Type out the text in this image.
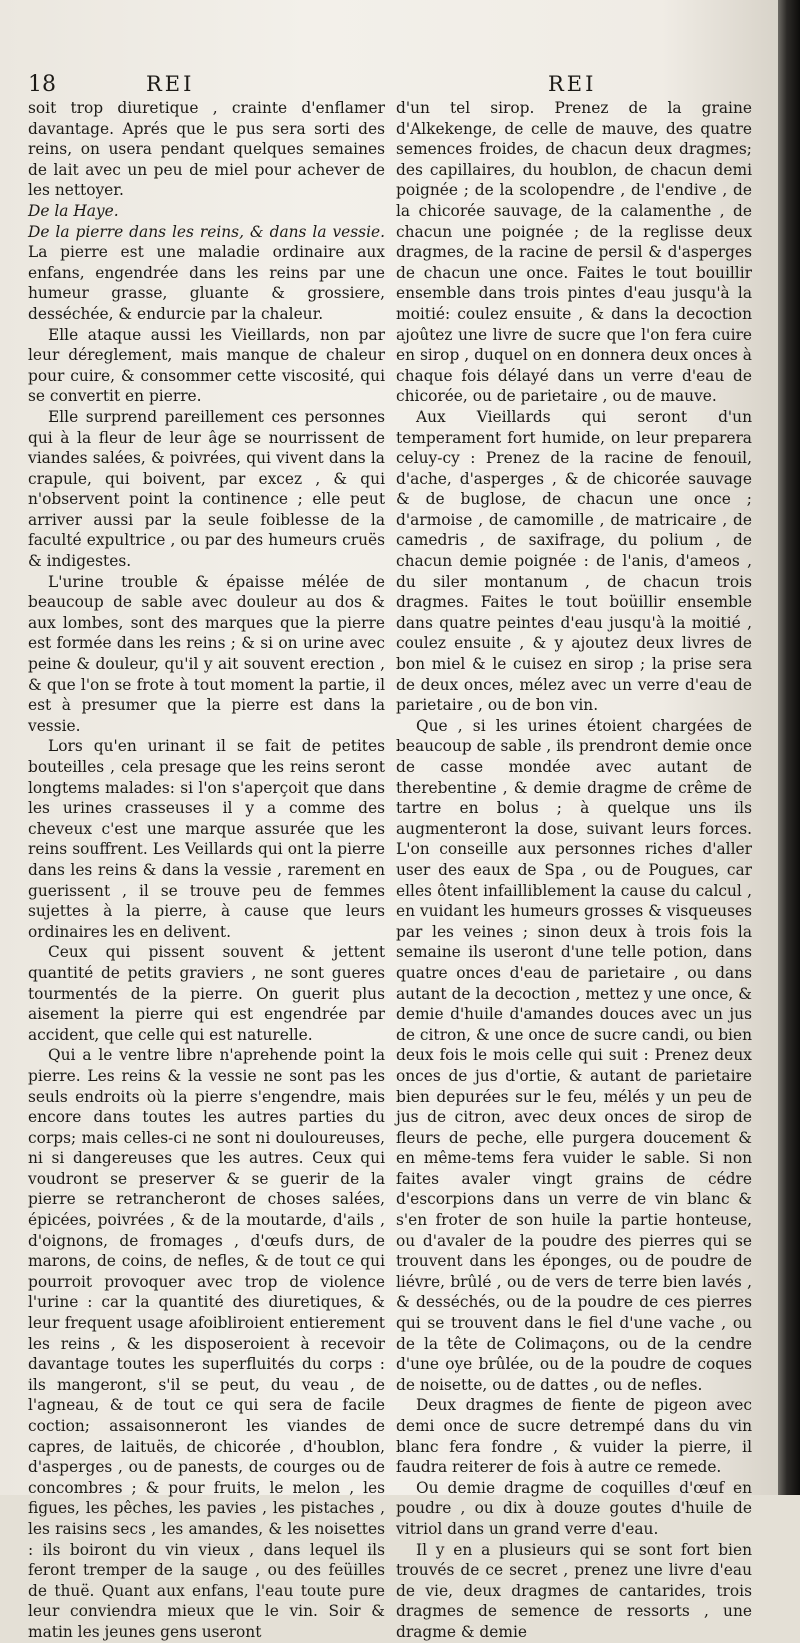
18	REI	REI

soit trop diuretique , crainte d'enflamer davantage. Aprés que le pus sera sorti des reins, on usera pendant quelques semaines de lait avec un peu de miel pour achever de les nettoyer.

De la Haye.

De la pierre dans les reins, & dans la vessie. La pierre est une maladie ordinaire aux enfans, engendrée dans les reins par une humeur grasse, gluante & grossiere, desséchée, & endurcie par la chaleur.

Elle ataque aussi les Vieillards, non par leur déreglement, mais manque de chaleur pour cuire, & consommer cette viscosité, qui se convertit en pierre.

Elle surprend pareillement ces personnes qui à la fleur de leur âge se nourrissent de viandes salées, & poivrées, qui vivent dans la crapule, qui boivent, par excez , & qui n'observent point la continence ; elle peut arriver aussi par la seule foiblesse de la faculté expultrice , ou par des humeurs cruës & indigestes.

L'urine trouble & épaisse mélée de beaucoup de sable avec douleur au dos & aux lombes, sont des marques que la pierre est formée dans les reins ; & si on urine avec peine & douleur, qu'il y ait souvent erection , & que l'on se frote à tout moment la partie, il est à presumer que la pierre est dans la vessie.

Lors qu'en urinant il se fait de petites bouteilles , cela presage que les reins seront longtems malades: si l'on s'aperçoit que dans les urines crasseuses il y a comme des cheveux c'est une marque assurée que les reins souffrent. Les Veillards qui ont la pierre dans les reins & dans la vessie , rarement en guerissent , il se trouve peu de femmes sujettes à la pierre, à cause que leurs ordinaires les en delivent.

Ceux qui pissent souvent & jettent quantité de petits graviers , ne sont gueres tourmentés de la pierre. On guerit plus aisement la pierre qui est engendrée par accident, que celle qui est naturelle.

Qui a le ventre libre n'aprehende point la pierre. Les reins & la vessie ne sont pas les seuls endroits où la pierre s'engendre, mais encore dans toutes les autres parties du corps; mais celles-ci ne sont ni douloureuses, ni si dangereuses que les autres. Ceux qui voudront se preserver & se guerir de la pierre se retrancheront de choses salées, épicées, poivrées , & de la moutarde, d'ails , d'oignons, de fromages , d'œufs durs, de marons, de coins, de nefles, & de tout ce qui pourroit provoquer avec trop de violence l'urine : car la quantité des diuretiques, & leur frequent usage afoibliroient entierement les reins , & les disposeroient à recevoir davantage toutes les superfluités du corps : ils mangeront, s'il se peut, du veau , de l'agneau, & de tout ce qui sera de facile coction; assaisonneront les viandes de capres, de laituës, de chicorée , d'houblon, d'asperges , ou de panests, de courges ou de concombres ; & pour fruits, le melon , les figues, les pêches, les pavies , les pistaches , les raisins secs , les amandes, & les noisettes : ils boiront du vin vieux , dans lequel ils feront tremper de la sauge , ou des feüilles de thuë. Quant aux enfans, l'eau toute pure leur conviendra mieux que le vin. Soir & matin les jeunes gens useront

d'un tel sirop. Prenez de la graine d'Alkekenge, de celle de mauve, des quatre semences froides, de chacun deux dragmes; des capillaires, du houblon, de chacun demi poignée ; de la scolopendre , de l'endive , de la chicorée sauvage, de la calamenthe , de chacun une poignée ; de la reglisse deux dragmes, de la racine de persil & d'asperges de chacun une once. Faites le tout bouillir ensemble dans trois pintes d'eau jusqu'à la moitié: coulez ensuite , & dans la decoction ajoûtez une livre de sucre que l'on fera cuire en sirop , duquel on en donnera deux onces à chaque fois délayé dans un verre d'eau de chicorée, ou de parietaire , ou de mauve.

Aux Vieillards qui seront d'un temperament fort humide, on leur preparera celuy-cy : Prenez de la racine de fenouil, d'ache, d'asperges , & de chicorée sauvage & de buglose, de chacun une once ; d'armoise , de camomille , de matricaire , de camedris , de saxifrage, du polium , de chacun demie poignée : de l'anis, d'ameos , du siler montanum , de chacun trois dragmes. Faites le tout boüillir ensemble dans quatre peintes d'eau jusqu'à la moitié , coulez ensuite , & y ajoutez deux livres de bon miel & le cuisez en sirop ; la prise sera de deux onces, mélez avec un verre d'eau de parietaire , ou de bon vin.

Que , si les urines étoient chargées de beaucoup de sable , ils prendront demie once de casse mondée avec autant de therebentine , & demie dragme de crême de tartre en bolus ; à quelque uns ils augmenteront la dose, suivant leurs forces. L'on conseille aux personnes riches d'aller user des eaux de Spa , ou de Pougues, car elles ôtent infailliblement la cause du calcul , en vuidant les humeurs grosses & visqueuses par les veines ; sinon deux à trois fois la semaine ils useront d'une telle potion, dans quatre onces d'eau de parietaire , ou dans autant de la decoction , mettez y une once, & demie d'huile d'amandes douces avec un jus de citron, & une once de sucre candi, ou bien deux fois le mois celle qui suit : Prenez deux onces de jus d'ortie, & autant de parietaire bien depurées sur le feu, mélés y un peu de jus de citron, avec deux onces de sirop de fleurs de peche, elle purgera doucement & en même-tems fera vuider le sable. Si non faites avaler vingt grains de cédre d'escorpions dans un verre de vin blanc & s'en froter de son huile la partie honteuse, ou d'avaler de la poudre des pierres qui se trouvent dans les éponges, ou de poudre de liévre, brûlé , ou de vers de terre bien lavés , & desséchés, ou de la poudre de ces pierres qui se trouvent dans le fiel d'une vache , ou de la tête de Colimaçons, ou de la cendre d'une oye brûlée, ou de la poudre de coques de noisette, ou de dattes , ou de nefles.

Deux dragmes de fiente de pigeon avec demi once de sucre detrempé dans du vin blanc fera fondre , & vuider la pierre, il faudra reiterer de fois à autre ce remede.

Ou demie dragme de coquilles d'œuf en poudre , ou dix à douze goutes d'huile de vitriol dans un grand verre d'eau.

Il y en a plusieurs qui se sont fort bien trouvés de ce secret , prenez une livre d'eau de vie, deux dragmes de cantarides, trois dragmes de semence de ressorts , une dragme & demie
